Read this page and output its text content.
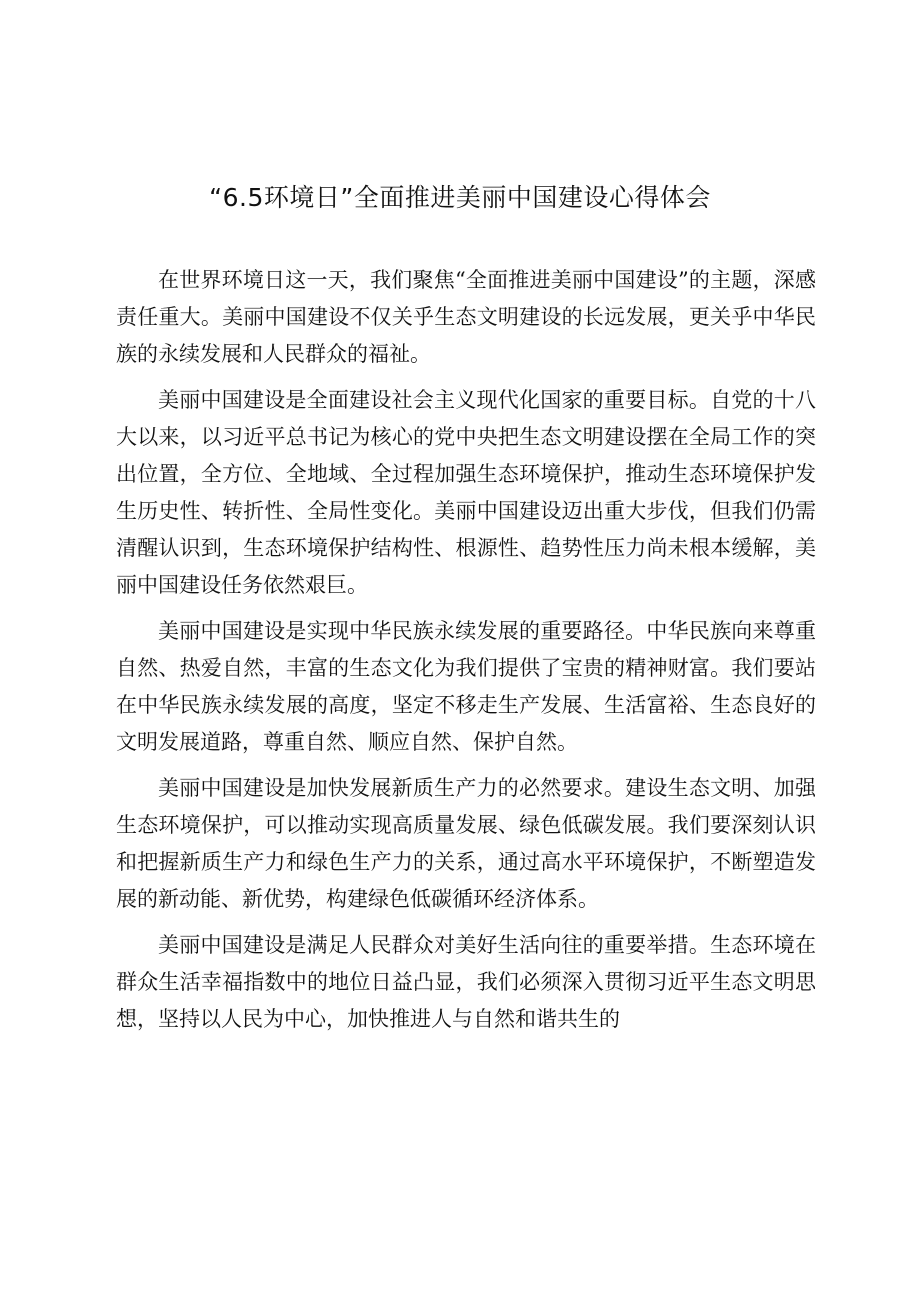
“6.5环境日”全面推进美丽中国建设心得体会

在世界环境日这一天，我们聚焦“全面推进美丽中国建设”的主题，深感责任重大。美丽中国建设不仅关乎生态文明建设的长远发展，更关乎中华民族的永续发展和人民群众的福祉。

美丽中国建设是全面建设社会主义现代化国家的重要目标。自党的十八大以来，以习近平总书记为核心的党中央把生态文明建设摆在全局工作的突出位置，全方位、全地域、全过程加强生态环境保护，推动生态环境保护发生历史性、转折性、全局性变化。美丽中国建设迈出重大步伐，但我们仍需清醒认识到，生态环境保护结构性、根源性、趋势性压力尚未根本缓解，美丽中国建设任务依然艰巨。

美丽中国建设是实现中华民族永续发展的重要路径。中华民族向来尊重自然、热爱自然，丰富的生态文化为我们提供了宝贵的精神财富。我们要站在中华民族永续发展的高度，坚定不移走生产发展、生活富裕、生态良好的文明发展道路，尊重自然、顺应自然、保护自然。

美丽中国建设是加快发展新质生产力的必然要求。建设生态文明、加强生态环境保护，可以推动实现高质量发展、绿色低碳发展。我们要深刻认识和把握新质生产力和绿色生产力的关系，通过高水平环境保护，不断塑造发展的新动能、新优势，构建绿色低碳循环经济体系。

美丽中国建设是满足人民群众对美好生活向往的重要举措。生态环境在群众生活幸福指数中的地位日益凸显，我们必须深入贯彻习近平生态文明思想，坚持以人民为中心，加快推进人与自然和谐共生的
